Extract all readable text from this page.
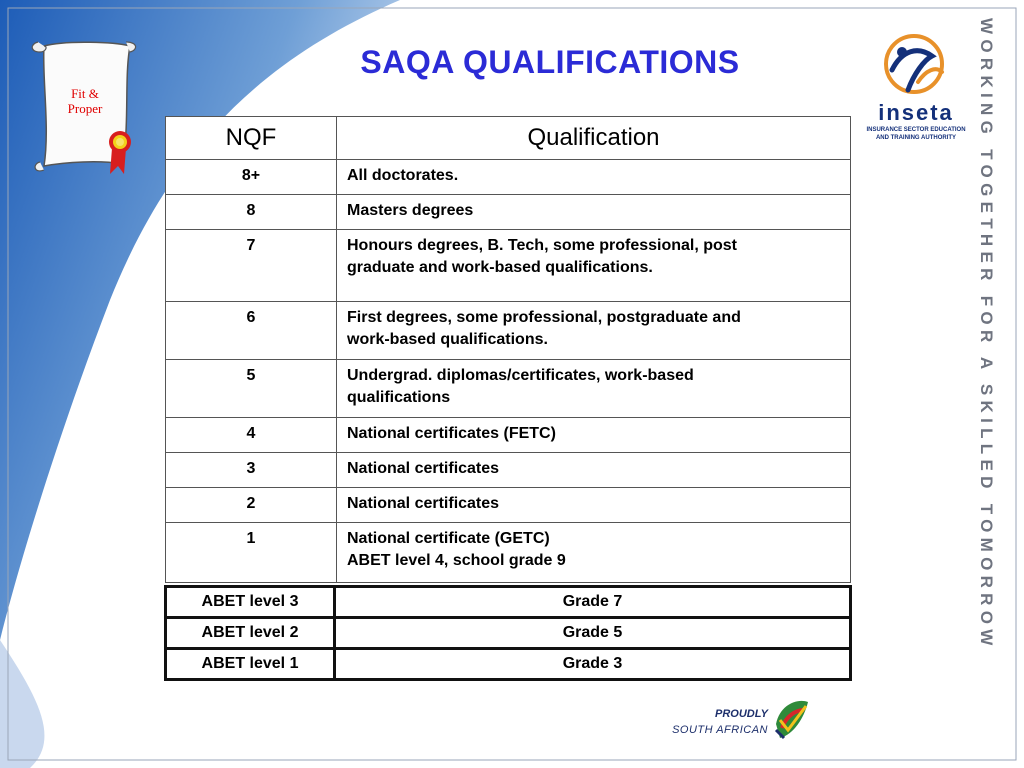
Fit &
Proper
SAQA QUALIFICATIONS
inseta
INSURANCE SECTOR EDUCATION
AND TRAINING AUTHORITY	WORKING TOGETHER FOR A SKILLED TOMORROW
NQF	Qualification
8+	All doctorates.

8	Masters degrees

7	Honours degrees, B. Tech, some professional, post
graduate and work-based qualifications.

6	First degrees, some professional, postgraduate and
work-based qualifications.

5	Undergrad. diplomas/certificates, work-based
qualifications

4	National certificates (FETC)

3	National certificates

2	National certificates

1	National certificate (GETC)
ABET level 4, school grade 9
ABET level 3	Grade 7
ABET level 2	Grade 5
ABET level 1	Grade 3
PROUDLY
SOUTH AFRICAN
